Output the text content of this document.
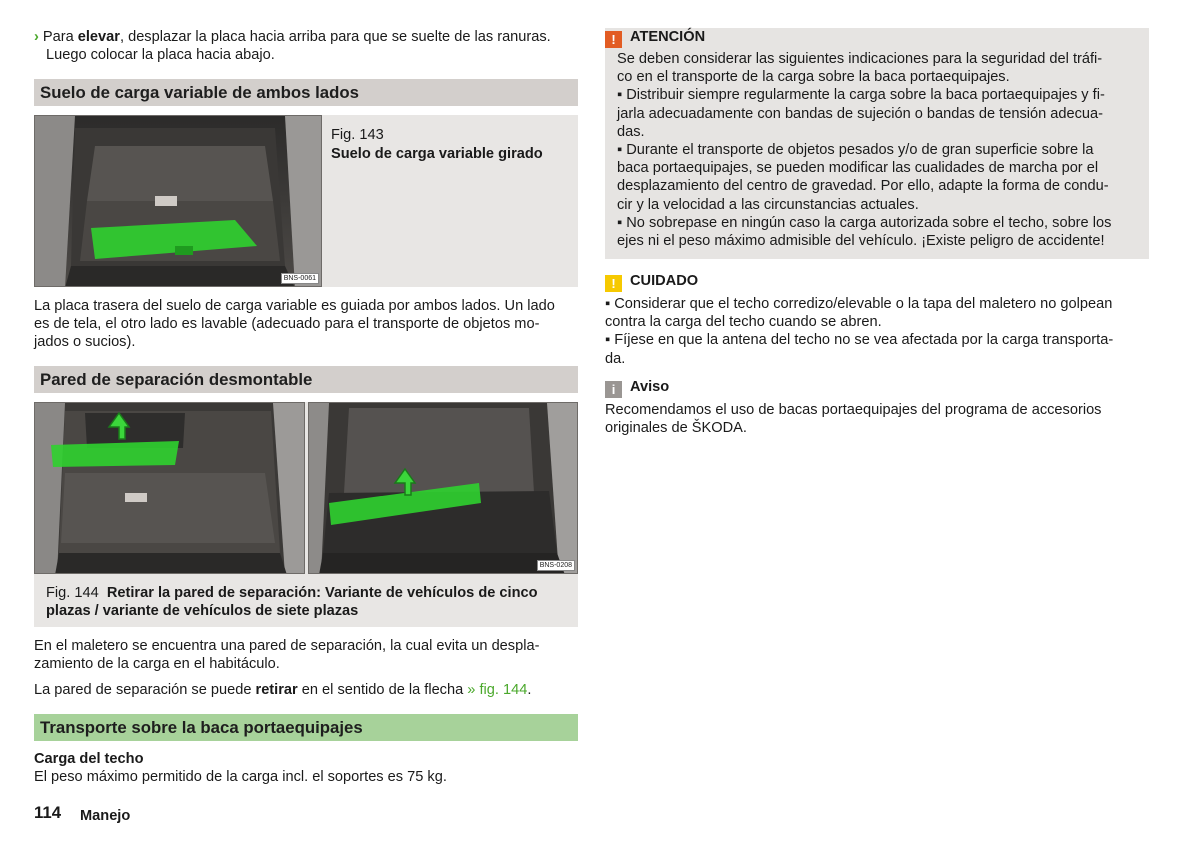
› Para elevar, desplazar la placa hacia arriba para que se suelte de las ranuras.
Luego colocar la placa hacia abajo.
Suelo de carga variable de ambos lados
BNS-0061
Fig. 143
Suelo de carga variable girado
La placa trasera del suelo de carga variable es guiada por ambos lados. Un lado
es de tela, el otro lado es lavable (adecuado para el transporte de objetos mo-
jados o sucios).
Pared de separación desmontable
BNS-0208
Fig. 144 Retirar la pared de separación: Variante de vehículos de cinco
plazas / variante de vehículos de siete plazas
En el maletero se encuentra una pared de separación, la cual evita un despla-
zamiento de la carga en el habitáculo.
La pared de separación se puede retirar en el sentido de la flecha » fig. 144.
Transporte sobre la baca portaequipajes
Carga del techo
El peso máximo permitido de la carga incl. el soportes es 75 kg.
114 Manejo
! ATENCIÓN
Se deben considerar las siguientes indicaciones para la seguridad del tráfi-
co en el transporte de la carga sobre la baca portaequipajes.
▪ Distribuir siempre regularmente la carga sobre la baca portaequipajes y fi-
jarla adecuadamente con bandas de sujeción o bandas de tensión adecua-
das.
▪ Durante el transporte de objetos pesados y/o de gran superficie sobre la
baca portaequipajes, se pueden modificar las cualidades de marcha por el
desplazamiento del centro de gravedad. Por ello, adapte la forma de condu-
cir y la velocidad a las circunstancias actuales.
▪ No sobrepase en ningún caso la carga autorizada sobre el techo, sobre los
ejes ni el peso máximo admisible del vehículo. ¡Existe peligro de accidente!
! CUIDADO
▪ Considerar que el techo corredizo/elevable o la tapa del maletero no golpean
contra la carga del techo cuando se abren.
▪ Fíjese en que la antena del techo no se vea afectada por la carga transporta-
da.
i Aviso
Recomendamos el uso de bacas portaequipajes del programa de accesorios
originales de ŠKODA.
